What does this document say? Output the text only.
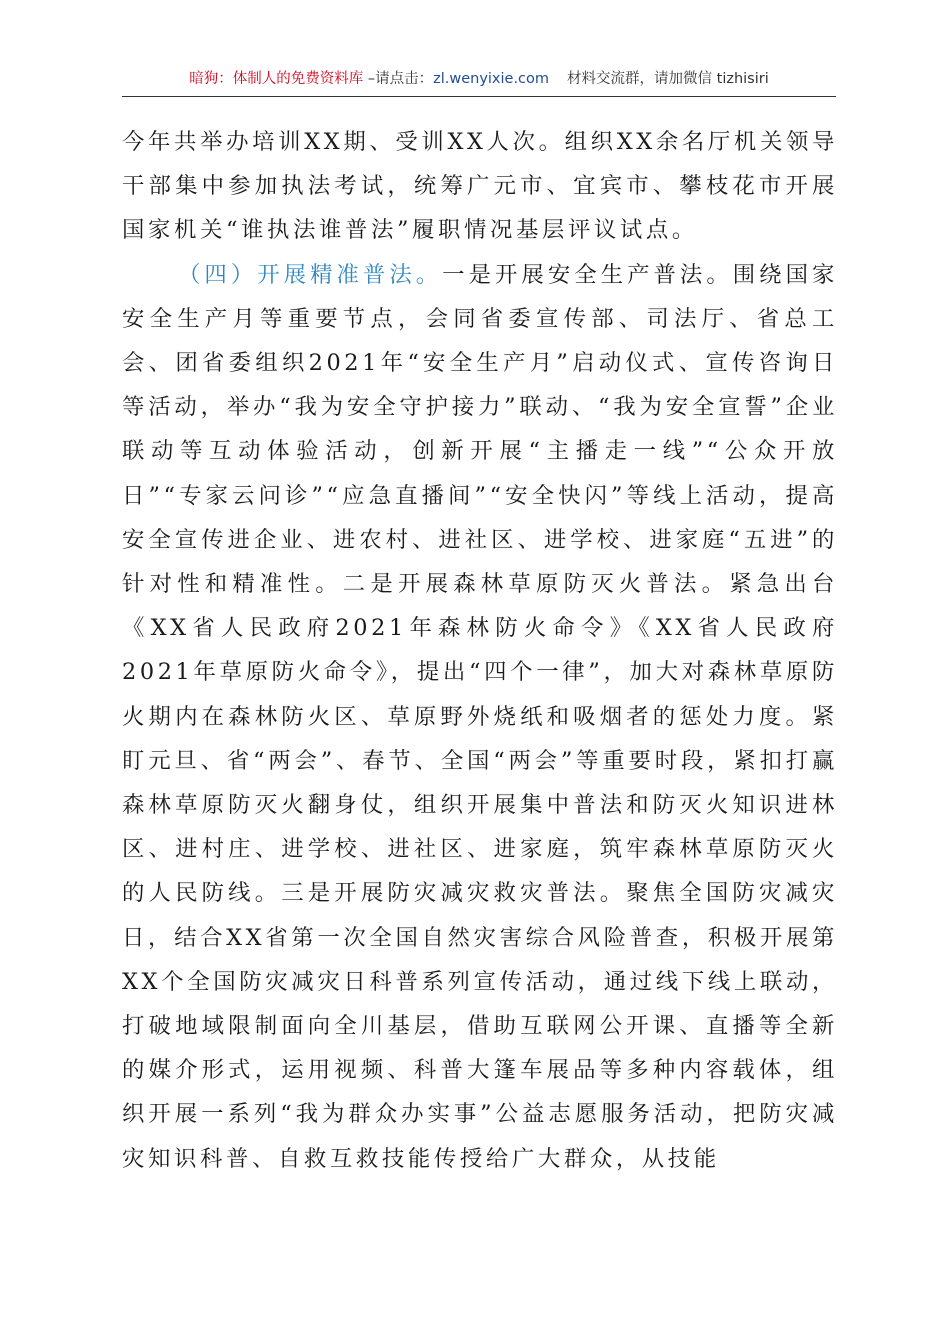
暗狗：体制人的免费资料库 –请点击：zl.wenyixie.com 材料交流群，请加微信 tizhisiri

今年共举办培训XX期、受训XX人次。组织XX余名厅机关领导干部集中参加执法考试，统筹广元市、宜宾市、攀枝花市开展国家机关“谁执法谁普法”履职情况基层评议试点。

（四）开展精准普法。一是开展安全生产普法。围绕国家安全生产月等重要节点，会同省委宣传部、司法厅、省总工会、团省委组织2021年“安全生产月”启动仪式、宣传咨询日等活动，举办“我为安全守护接力”联动、“我为安全宣誓”企业联动等互动体验活动，创新开展“主播走一线”“公众开放日”“专家云问诊”“应急直播间”“安全快闪”等线上活动，提高安全宣传进企业、进农村、进社区、进学校、进家庭“五进”的针对性和精准性。二是开展森林草原防灭火普法。紧急出台《XX省人民政府2021年森林防火命令》《XX省人民政府2021年草原防火命令》，提出“四个一律”，加大对森林草原防火期内在森林防火区、草原野外烧纸和吸烟者的惩处力度。紧盯元旦、省“两会”、春节、全国“两会”等重要时段，紧扣打赢森林草原防灭火翻身仗，组织开展集中普法和防灭火知识进林区、进村庄、进学校、进社区、进家庭，筑牢森林草原防灭火的人民防线。三是开展防灾减灾救灾普法。聚焦全国防灾减灾日，结合XX省第一次全国自然灾害综合风险普查，积极开展第XX个全国防灾减灾日科普系列宣传活动，通过线下线上联动，打破地域限制面向全川基层，借助互联网公开课、直播等全新的媒介形式，运用视频、科普大篷车展品等多种内容载体，组织开展一系列“我为群众办实事”公益志愿服务活动，把防灾减灾知识科普、自救互救技能传授给广大群众，从技能
